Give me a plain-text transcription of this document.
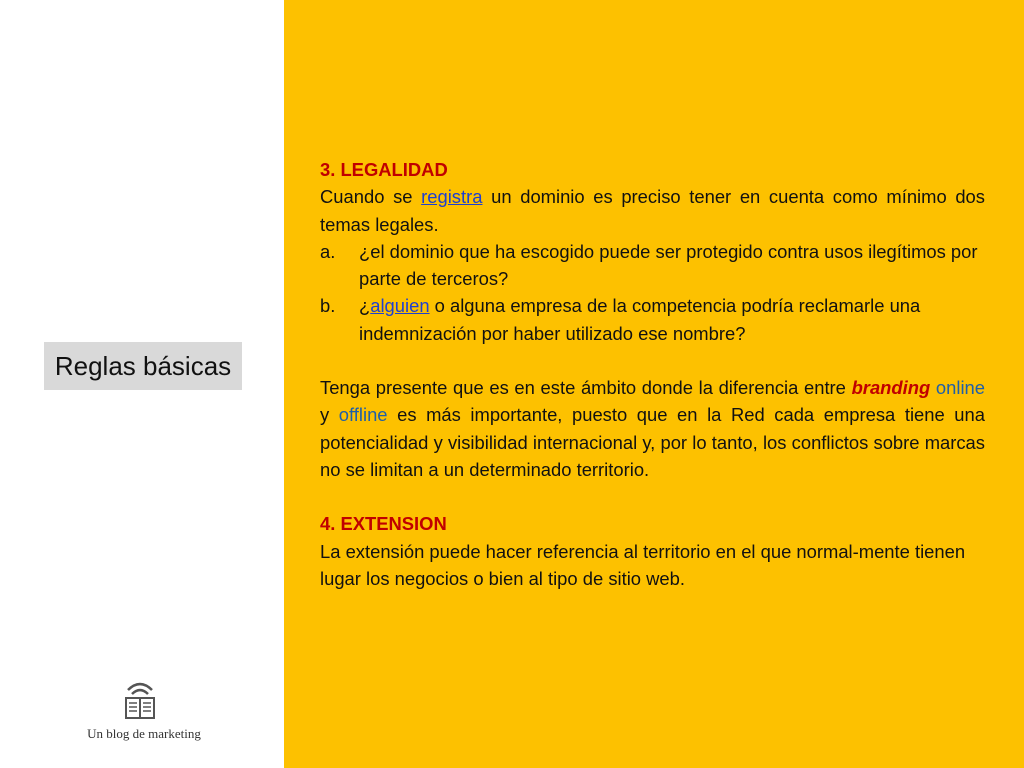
Reglas básicas
Un blog de marketing
3. LEGALIDAD

Cuando se registra un dominio es preciso tener en cuenta como mínimo dos temas legales.

a.	¿el dominio que ha escogido puede ser protegido contra usos ilegítimos por parte de terceros?
b.	¿alguien o alguna empresa de la competencia podría reclamarle una indemnización por haber utilizado ese nombre?

Tenga presente que es en este ámbito donde la diferencia entre branding online y offline es más importante, puesto que en la Red cada empresa tiene una potencialidad y visibilidad internacional y, por lo tanto, los conflictos sobre marcas no se limitan a un determinado territorio.

4. EXTENSION

La extensión puede hacer referencia al territorio en el que normal-mente tienen lugar los negocios o bien al tipo de sitio web.
